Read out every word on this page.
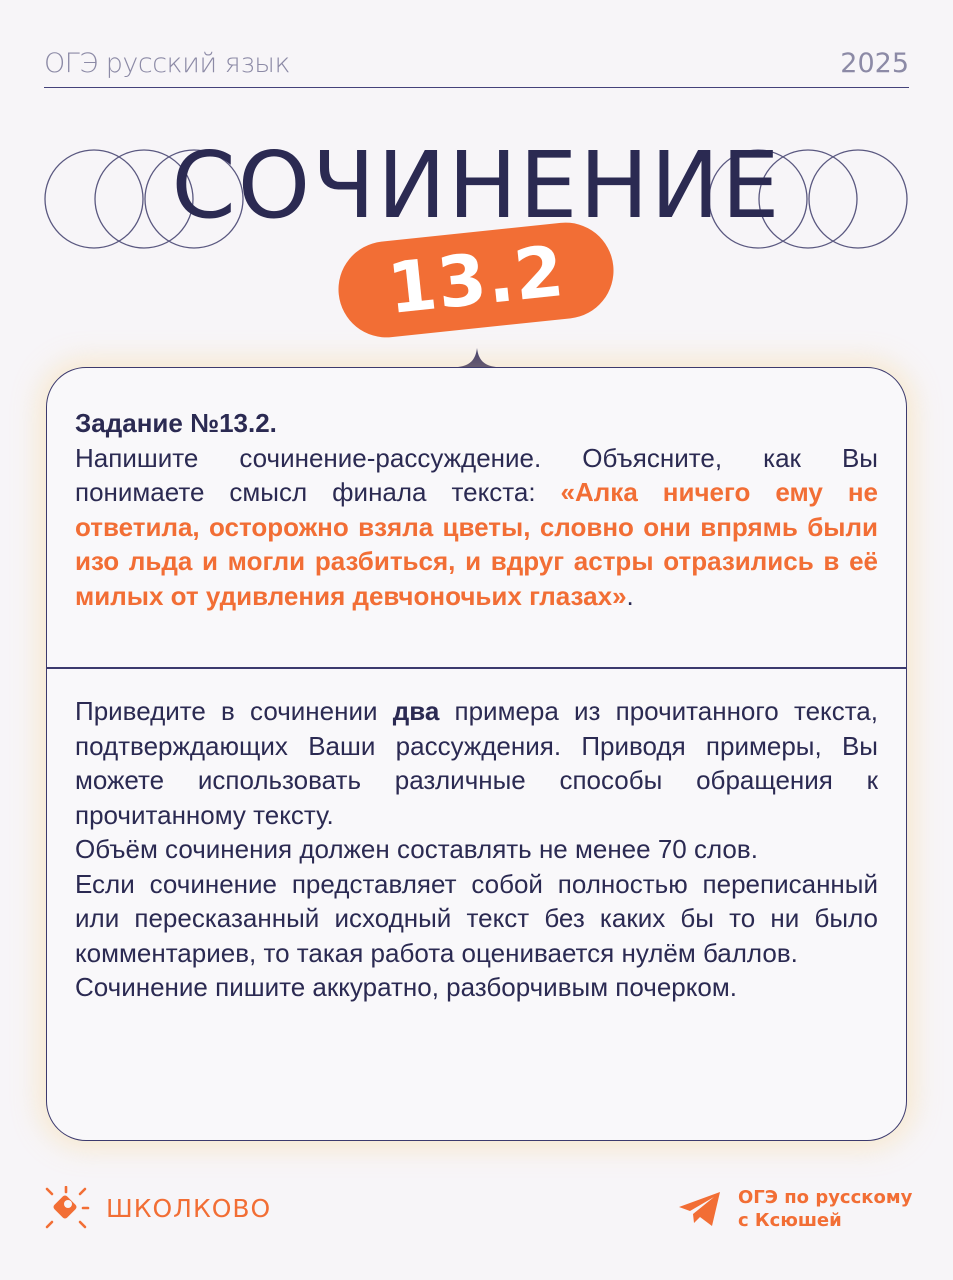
ОГЭ русский язык	2025
СОЧИНЕНИЕ
13.2
Задание №13.2.
Напишите сочинение-рассуждение. Объясните, как Вы понимаете смысл финала текста: «Алка ничего ему не ответила, осторожно взяла цветы, словно они впрямь были изо льда и могли разбиться, и вдруг астры отразились в её милых от удивления девчоночьих глазах».

Приведите в сочинении два примера из прочитанного текста, подтверждающих Ваши рассуждения. Приводя примеры, Вы можете использовать различные способы обращения к прочитанному тексту.

Объём сочинения должен составлять не менее 70 слов.

Если сочинение представляет собой полностью переписанный или пересказанный исходный текст без каких бы то ни было комментариев, то такая работа оценивается нулём баллов.

Сочинение пишите аккуратно, разборчивым почерком.

ШКОЛКОВО	ОГЭ по русскому
с Ксюшей
